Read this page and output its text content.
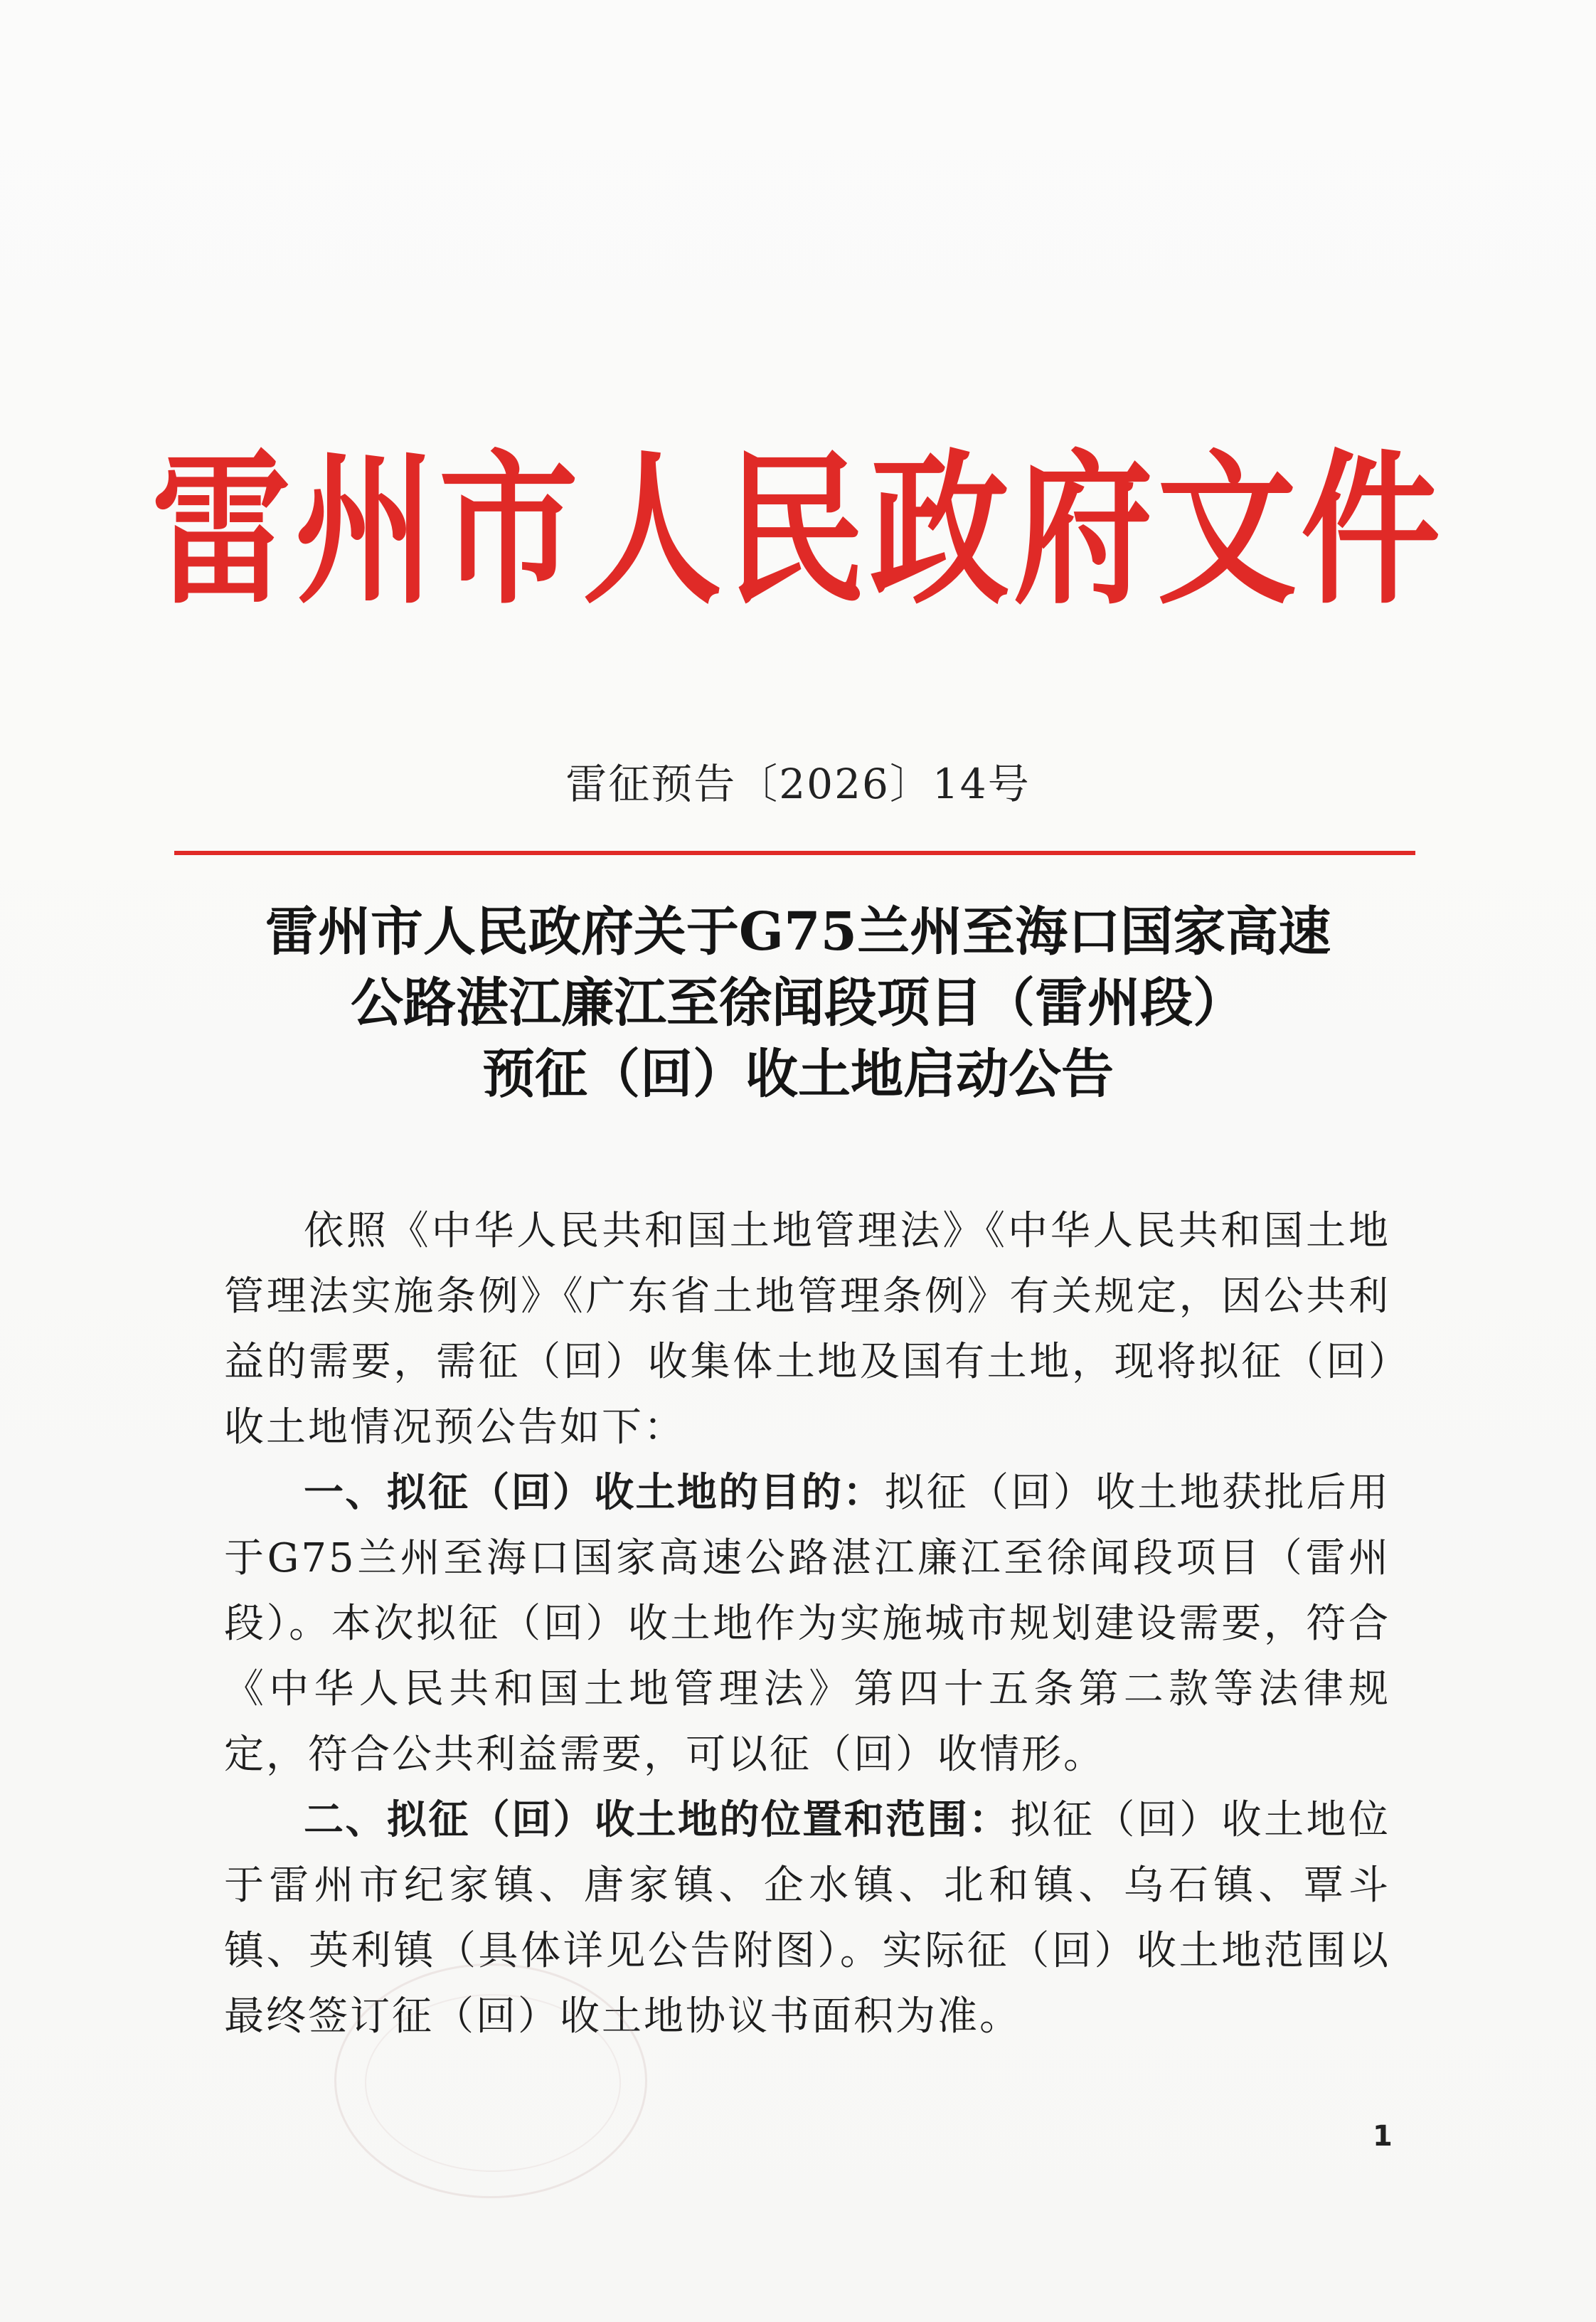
雷州市人民政府文件
雷征预告〔2026〕14号
雷州市人民政府关于G75兰州至海口国家高速
公路湛江廉江至徐闻段项目（雷州段）
预征（回）收土地启动公告

依照《中华人民共和国土地管理法》《中华人民共和国土地管理法实施条例》《广东省土地管理条例》有关规定，因公共利益的需要，需征（回）收集体土地及国有土地，现将拟征（回）收土地情况预公告如下：

一、拟征（回）收土地的目的：拟征（回）收土地获批后用于G75兰州至海口国家高速公路湛江廉江至徐闻段项目（雷州段）。本次拟征（回）收土地作为实施城市规划建设需要，符合《中华人民共和国土地管理法》第四十五条第二款等法律规定，符合公共利益需要，可以征（回）收情形。

二、拟征（回）收土地的位置和范围：拟征（回）收土地位于雷州市纪家镇、唐家镇、企水镇、北和镇、乌石镇、覃斗镇、英利镇（具体详见公告附图）。实际征（回）收土地范围以最终签订征（回）收土地协议书面积为准。

1
